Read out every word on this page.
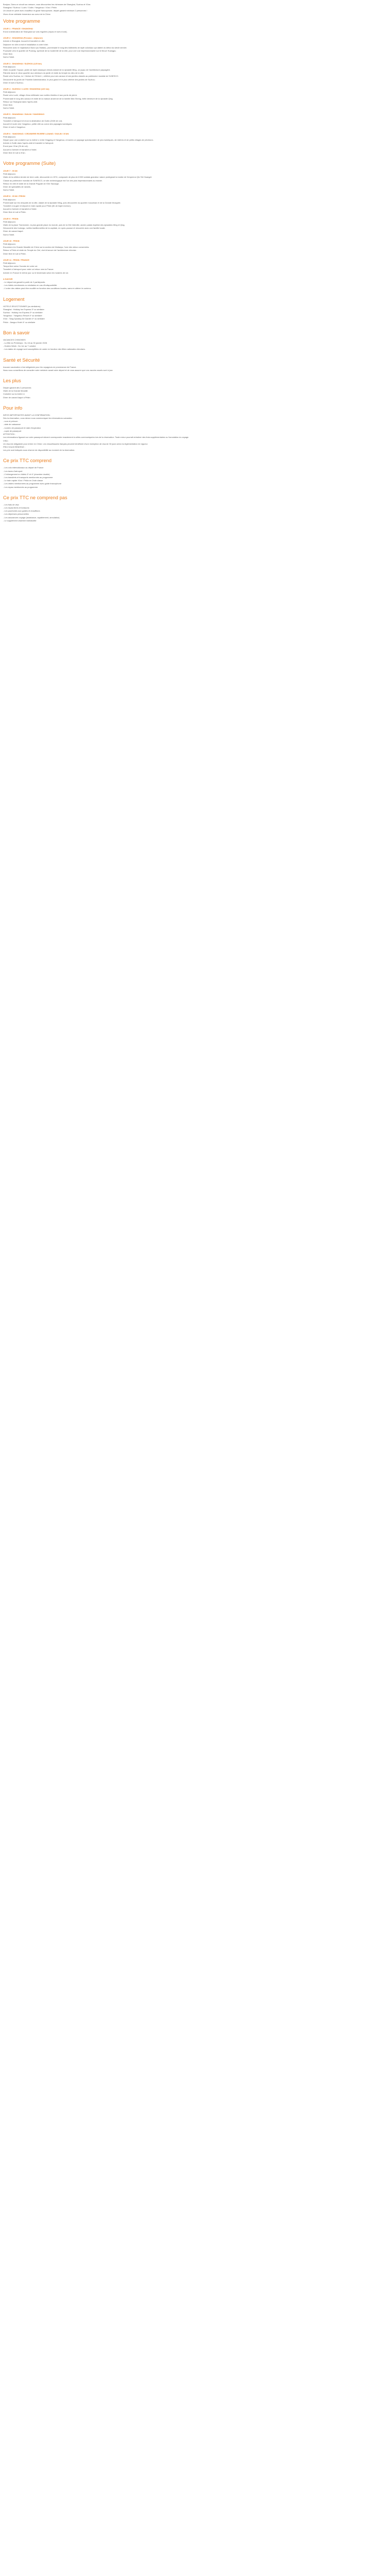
Bonjour, Dans ce circuit sur-mesure, vous découvrirez les richesses de Shanghai, Suzhou et Xi'an.

Shanghai / Suzhou / Luzhi / Guilin / Yangshuo / Xi'an / Pékin

Un circuit en privé avec chauffeur et guide francophone, départ garanti minimum 2 personnes !

Vivez d'une véritable immersion au coeur de la Chine.

Votre programme
JOUR 1 : FRANCE / SHANGHAI

Envol à destination de Shanghai sur vols réguliers (repas et nuit à bord).

JOUR 2 : SHANGHAI (Pension : déjeuner)

Arrivée à Shanghai. Accueil et transfert en ville.

Déjeuner en ville à midi et installation à votre hôtel.

Rencontre avec le majestueux Bund (ou Waitan), promenade le long des bâtiments de style coloniaux qui datent du début du siècle dernier.

Poursuite vers le quartier de Pudong, symbole de la modernité de la ville, pour une vue impressionnante sur le fleuve Huangpu.

Dîner libre.

Nuit à l'hôtel.

JOUR 3 : SHANGHAI / SUZHOU (125 km)

Petit déjeuner.

Visite du jardin Yuyuan, jardin de style classique chinois datant de la dynastie Ming, un joyau de l'architecture paysagère.

Flânerie dans le vieux quartier aux alentours du jardin et visite du temple du dieu de la ville.

Route vers Suzhou, la « Venise de l'Orient », célèbre pour ses canaux et ses jardins classés au patrimoine mondial de l'UNESCO.

Découverte du jardin de l'Humble Administrateur, le plus grand et le plus célèbre des jardins de Suzhou.

Dîner et nuit à Suzhou.

JOUR 4 : SUZHOU / LUZHI / SHANGHAI (120 km)

Petit déjeuner.

Route vers Luzhi, village d'eau millénaire aux ruelles étroites et aux ponts de pierre.

Promenade le long des canaux et visite de la maison ancienne de la famille Wan Sheng, belle demeure de la dynastie Qing.

Retour sur Shanghai dans l'après-midi.

Dîner libre.

Nuit à l'hôtel.

JOUR 5 : SHANGHAI / GUILIN / YANGSHUO

Petit déjeuner.

Transfert à l'aéroport et envol à destination de Guilin (2h30 de vol).

Accueil et route vers Yangshuo, petite ville au coeur des paysages karstiques.

Dîner et nuit à Yangshuo.

JOUR 6 : YANGSHUO / CROISIERE RIVIERE LIJIANG / GUILIN / XI'AN

Petit déjeuner.

Départ pour une croisière sur la rivière Li entre Xingping et Yangshuo, à travers un paysage spectaculaire de pics karstiques, de rizières et de petits villages de pêcheurs.

Arrivée à Guilin dans l'après-midi et transfert à l'aéroport.

Envol pour Xi'an (2h de vol).

Accueil à l'arrivée et transfert à l'hôtel.

Dîner libre et nuit à Xi'an.

Votre programme (Suite)
JOUR 7 : XI'AN

Petit déjeuner.

Visite de la célèbre Armée de terre cuite, découverte en 1974, composée de plus de 8 000 soldats grandeur nature protégeant la tombe de l'empereur Qin Shi Huangdi.

Classé au patrimoine mondial de l'UNESCO, ce site archéologique est l'un des plus impressionnants au monde.

Retour en ville et visite de la Grande Pagode de l'Oie Sauvage.

Dîner de spécialités de raviolis.

Nuit à l'hôtel.

JOUR 8 : XI'AN / PEKIN

Petit déjeuner.

Promenade sur les remparts de la ville, datant de la dynastie Ming, puis découverte du quartier musulman et de la Grande Mosquée.

Transfert à la gare et départ en train rapide pour Pékin (5h de trajet environ).

Accueil à l'arrivée et transfert à l'hôtel.

Dîner libre et nuit à Pékin.

JOUR 9 : PEKIN

Petit déjeuner.

Visite de la place Tian'anmen, la plus grande place du monde, puis de la Cité Interdite, ancien palais impérial des dynasties Ming et Qing.

Découverte des hutongs, ruelles traditionnelles de la capitale, en cyclo-pousse et rencontre avec une famille locale.

Dîner de canard laqué.

Nuit à l'hôtel.

JOUR 10 : PEKIN

Petit déjeuner.

Excursion à la Grande Muraille de Chine sur la section de Mutianyu, l'une des mieux conservées.

Retour à Pékin et visite du Temple du Ciel, chef-d'oeuvre de l'architecture chinoise.

Dîner libre et nuit à Pékin.

JOUR 11 : PEKIN / FRANCE

Petit déjeuner.

Temps libre selon l'horaire de votre vol.

Transfert à l'aéroport pour votre vol retour vers la France.

Arrivée en France le même jour ou le lendemain selon les horaires de vol.

A SAVOIR

- Le départ est garanti à partir de 2 participants.

- Les hôtels mentionnés ou similaires en cas d'indisponibilité.

- L'ordre des visites peut être modifié en fonction des conditions locales, sans en altérer le contenu.

Logement

HOTELS SELECTIONNES (ou similaires) :

Shanghai : Holiday Inn Express 3* ou similaire

Suzhou : Holiday Inn Express 3* ou similaire

Yangshuo : Yangshuo Resort 4* ou similaire

Xi'an : Tang Dynasty Art Garden 4* ou similaire

Pékin : Jianguo Hotel 4* ou similaire

Bon à savoir

VACANCES CHINOISES

- La fête du Printemps : Du 16 au 30 janvier 2026

- Golden Week : Du 1er au 7 octobre

- Les dates de voyage sont susceptibles de varier en fonction des fêtes nationales chinoises.

Santé et Sécurité

Aucune vaccination n'est obligatoire pour les voyageurs en provenance de France.

Nous vous conseillons de consulter votre médecin avant votre départ et de vous assurer que vos vaccins usuels sont à jour.

Les plus

Départ garanti dès 2 personnes

Visite de la Grande Muraille

Croisière sur la rivière Li

Dîner de canard laqué à Pékin

Pour info

INFOS IMPORTANTES AVANT LA CONFIRMATION :

Dès la réservation, vous devez nous communiquer les informations suivantes :

- nom et prénom

- date de naissance

- numéro de passeport et date d'expiration

- copie de passeport

ATTENTION :

Les informations figurant sur votre passeport doivent correspondre exactement à celles communiquées lors de la réservation. Toute erreur pourrait entraîner des frais supplémentaires ou l'annulation du voyage.

VISA :

Un visa est obligatoire pour entrer en Chine. Les ressortissants français peuvent bénéficier d'une exemption de visa de 30 jours selon la réglementation en vigueur.

PRIX SOUS RÉSERVE :

Les prix sont indiqués sous réserve de disponibilité au moment de la réservation.

Ce prix TTC comprend

- Les vols internationaux au départ de France

- Les taxes d'aéroport

- L'hébergement en hôtels 3* et 4* (chambre double)

- Les transferts et transports mentionnés au programme

- Le train rapide Xi'an / Pékin en 2nde classe

- Les visites mentionnées au programme avec guide francophone

- Les repas mentionnés au programme

Ce prix TTC ne comprend pas

- Les frais de visa

- Les repas libres et boissons

- Les pourboires aux guides et chauffeurs

- Les dépenses personnelles

- Les assurances voyage (assistance, rapatriement, annulation)

- Le supplément chambre individuelle
